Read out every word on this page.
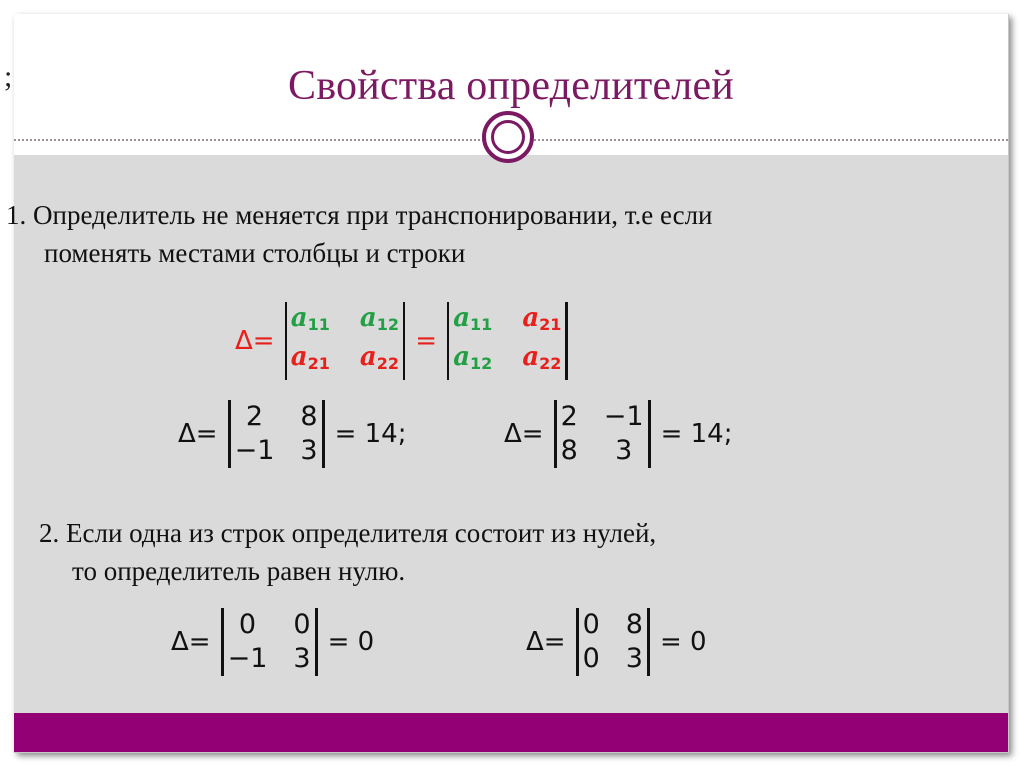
;	Свойства определителей
1. Определитель не меняется при транспонировании, т.е если
поменять местами столбцы и строки
Δ=
$a_{11}$ $a_{12}$
$a_{21}$ $a_{22}$
=
$a_{11}$ $a_{21}$
$a_{12}$ $a_{22}$
Δ=
2	8
−1 3
= 14;	Δ=
2 −1
8	3
= 14;
2. Если одна из строк определителя состоит из нулей,
то определитель равен нулю.
Δ=
0	0
−1 3
= 0	Δ=
0 8
0 3
= 0
